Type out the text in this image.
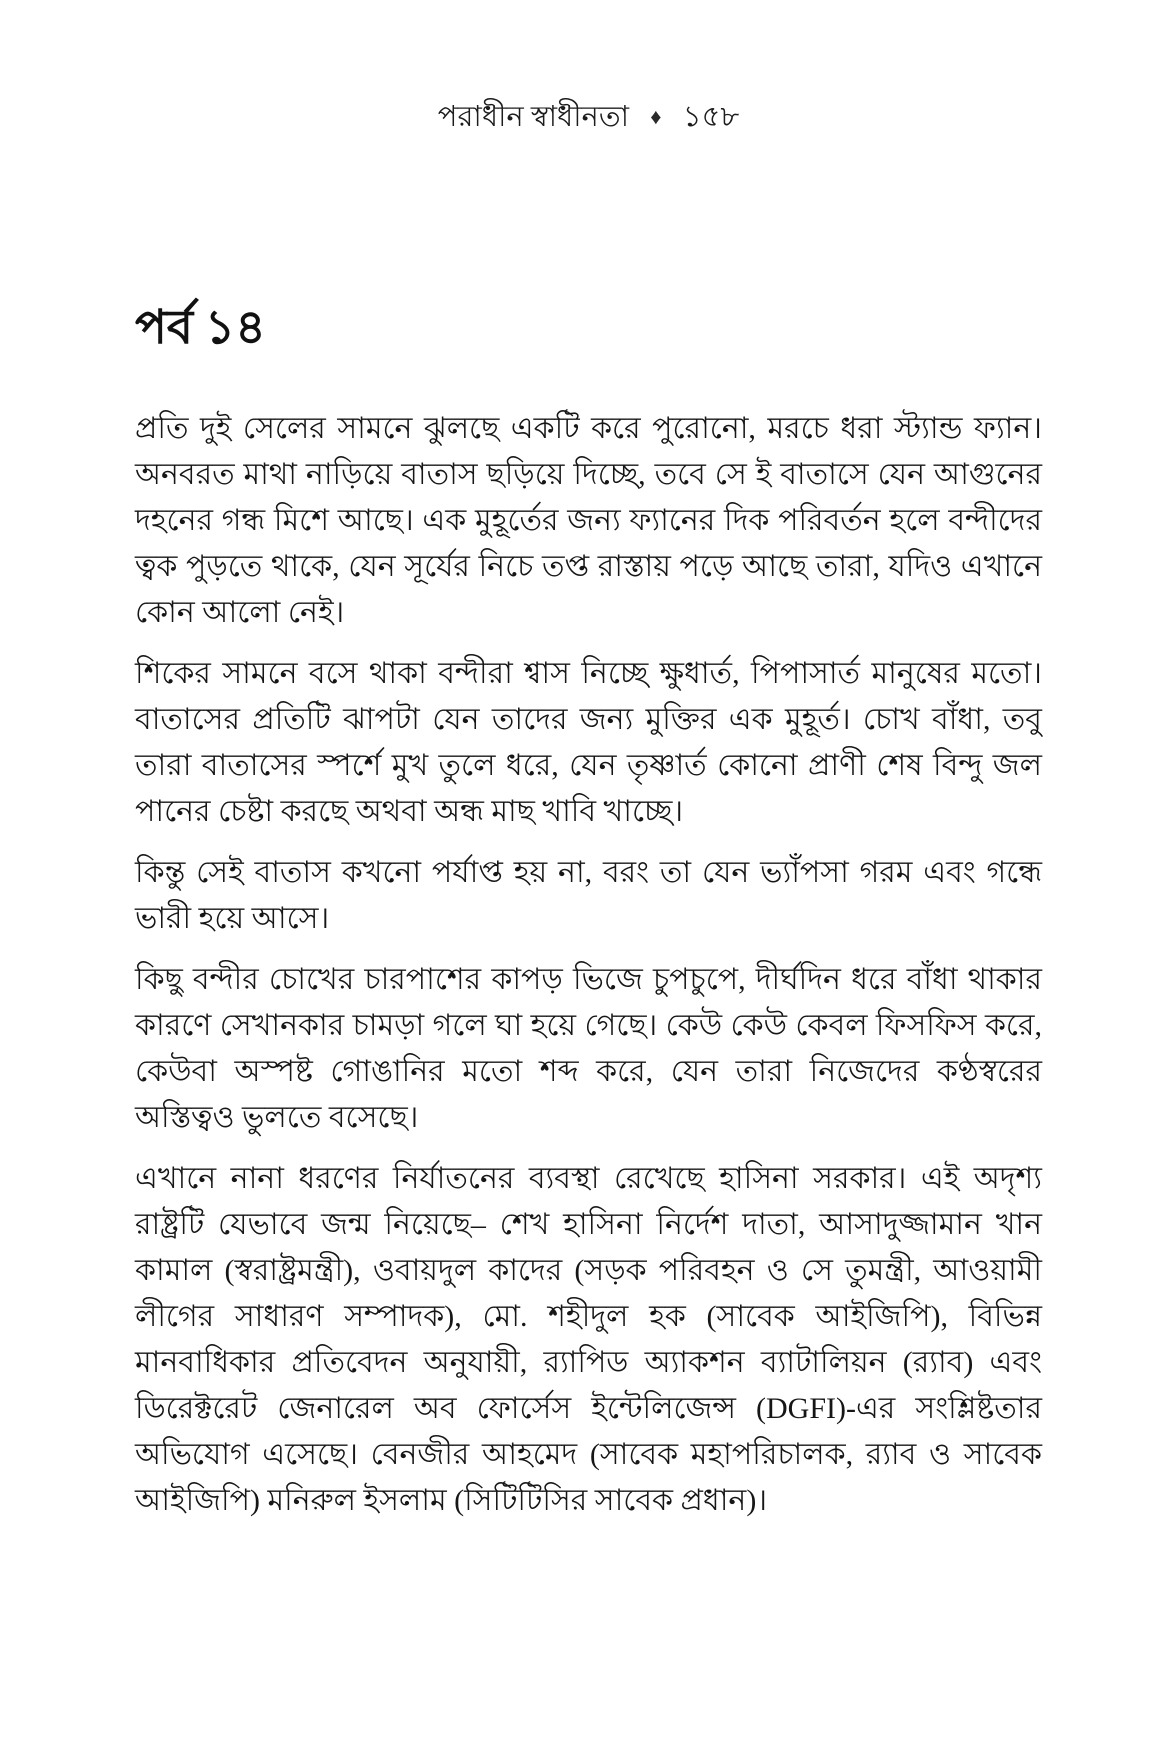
পরাধীন স্বাধীনতা ♦ ১৫৮
পর্ব ১৪

প্রতি দুই সেলের সামনে ঝুলছে একটি করে পুরোনো, মরচে ধরা স্ট্যান্ড ফ্যান। অনবরত মাথা নাড়িয়ে বাতাস ছড়িয়ে দিচ্ছে, তবে সে ই বাতাসে যেন আগুনের দহনের গন্ধ মিশে আছে। এক মুহূর্তের জন্য ফ্যানের দিক পরিবর্তন হলে বন্দীদের ত্বক পুড়তে থাকে, যেন সূর্যের নিচে তপ্ত রাস্তায় পড়ে আছে তারা, যদিও এখানে কোন আলো নেই।

শিকের সামনে বসে থাকা বন্দীরা শ্বাস নিচ্ছে ক্ষুধার্ত, পিপাসার্ত মানুষের মতো। বাতাসের প্রতিটি ঝাপটা যেন তাদের জন্য মুক্তির এক মুহূর্ত। চোখ বাঁধা, তবু তারা বাতাসের স্পর্শে মুখ তুলে ধরে, যেন তৃষ্ণার্ত কোনো প্রাণী শেষ বিন্দু জল পানের চেষ্টা করছে অথবা অন্ধ মাছ খাবি খাচ্ছে।

কিন্তু সেই বাতাস কখনো পর্যাপ্ত হয় না, বরং তা যেন ভ্যাঁপসা গরম এবং গন্ধে ভারী হয়ে আসে।

কিছু বন্দীর চোখের চারপাশের কাপড় ভিজে চুপচুপে, দীর্ঘদিন ধরে বাঁধা থাকার কারণে সেখানকার চামড়া গলে ঘা হয়ে গেছে। কেউ কেউ কেবল ফিসফিস করে, কেউবা অস্পষ্ট গোঙানির মতো শব্দ করে, যেন তারা নিজেদের কণ্ঠস্বরের অস্তিত্বও ভুলতে বসেছে।

এখানে নানা ধরণের নির্যাতনের ব্যবস্থা রেখেছে হাসিনা সরকার। এই অদৃশ্য রাষ্ট্রটি যেভাবে জন্ম নিয়েছে– শেখ হাসিনা নির্দেশ দাতা, আসাদুজ্জামান খান কামাল (স্বরাষ্ট্রমন্ত্রী), ওবায়দুল কাদের (সড়ক পরিবহন ও সে তুমন্ত্রী, আওয়ামী লীগের সাধারণ সম্পাদক), মো. শহীদুল হক (সাবেক আইজিপি), বিভিন্ন মানবাধিকার প্রতিবেদন অনুযায়ী, র‍্যাপিড অ্যাকশন ব্যাটালিয়ন (র‍্যাব) এবং ডিরেক্টরেট জেনারেল অব ফোর্সেস ইন্টেলিজেন্স (DGFI)-এর সংশ্লিষ্টতার অভিযোগ এসেছে। বেনজীর আহমেদ (সাবেক মহাপরিচালক, র‍্যাব ও সাবেক আইজিপি) মনিরুল ইসলাম (সিটিটিসির সাবেক প্রধান)।
